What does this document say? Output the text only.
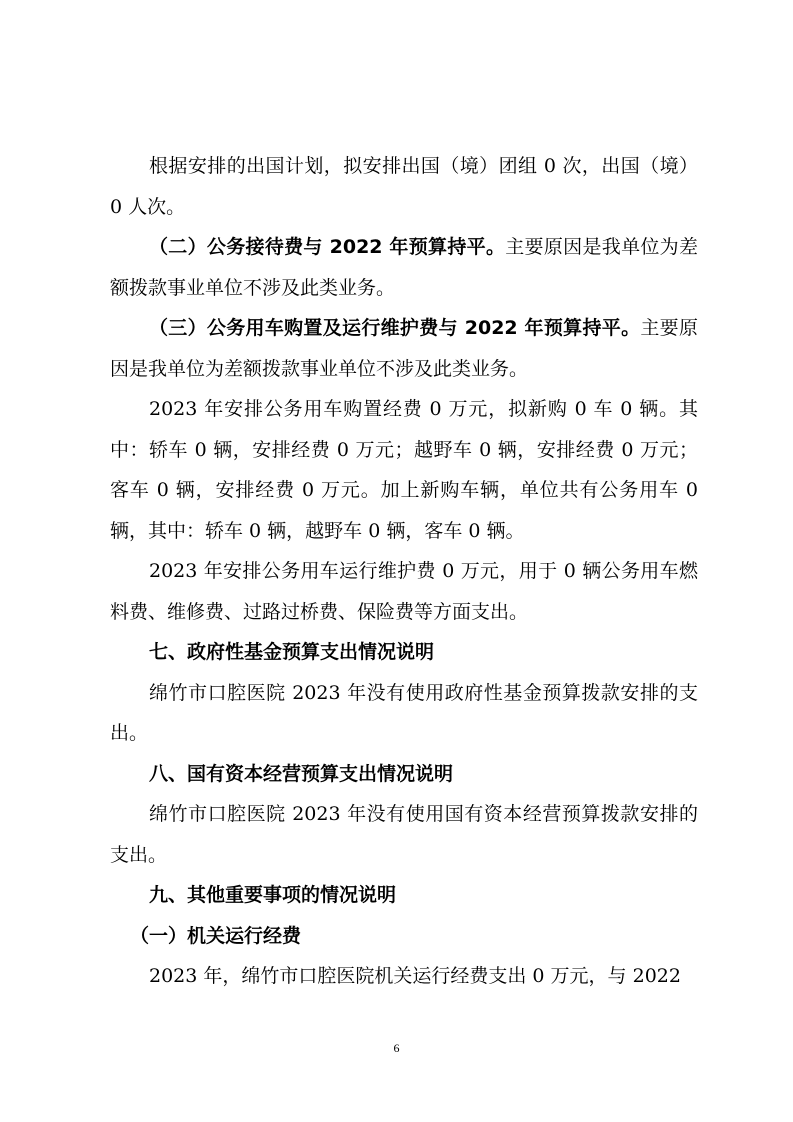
根据安排的出国计划，拟安排出国（境）团组 0 次，出国（境）0 人次。

（二）公务接待费与 2022 年预算持平。主要原因是我单位为差额拨款事业单位不涉及此类业务。

（三）公务用车购置及运行维护费与 2022 年预算持平。主要原因是我单位为差额拨款事业单位不涉及此类业务。

2023 年安排公务用车购置经费 0 万元，拟新购 0 车 0 辆。其中：轿车 0 辆，安排经费 0 万元；越野车 0 辆，安排经费 0 万元；客车 0 辆，安排经费 0 万元。加上新购车辆，单位共有公务用车 0 辆，其中：轿车 0 辆，越野车 0 辆，客车 0 辆。

2023 年安排公务用车运行维护费 0 万元，用于 0 辆公务用车燃料费、维修费、过路过桥费、保险费等方面支出。

七、政府性基金预算支出情况说明

绵竹市口腔医院 2023 年没有使用政府性基金预算拨款安排的支出。

八、国有资本经营预算支出情况说明

绵竹市口腔医院 2023 年没有使用国有资本经营预算拨款安排的支出。

九、其他重要事项的情况说明

（一）机关运行经费

2023 年，绵竹市口腔医院机关运行经费支出 0 万元，与 2022

6
